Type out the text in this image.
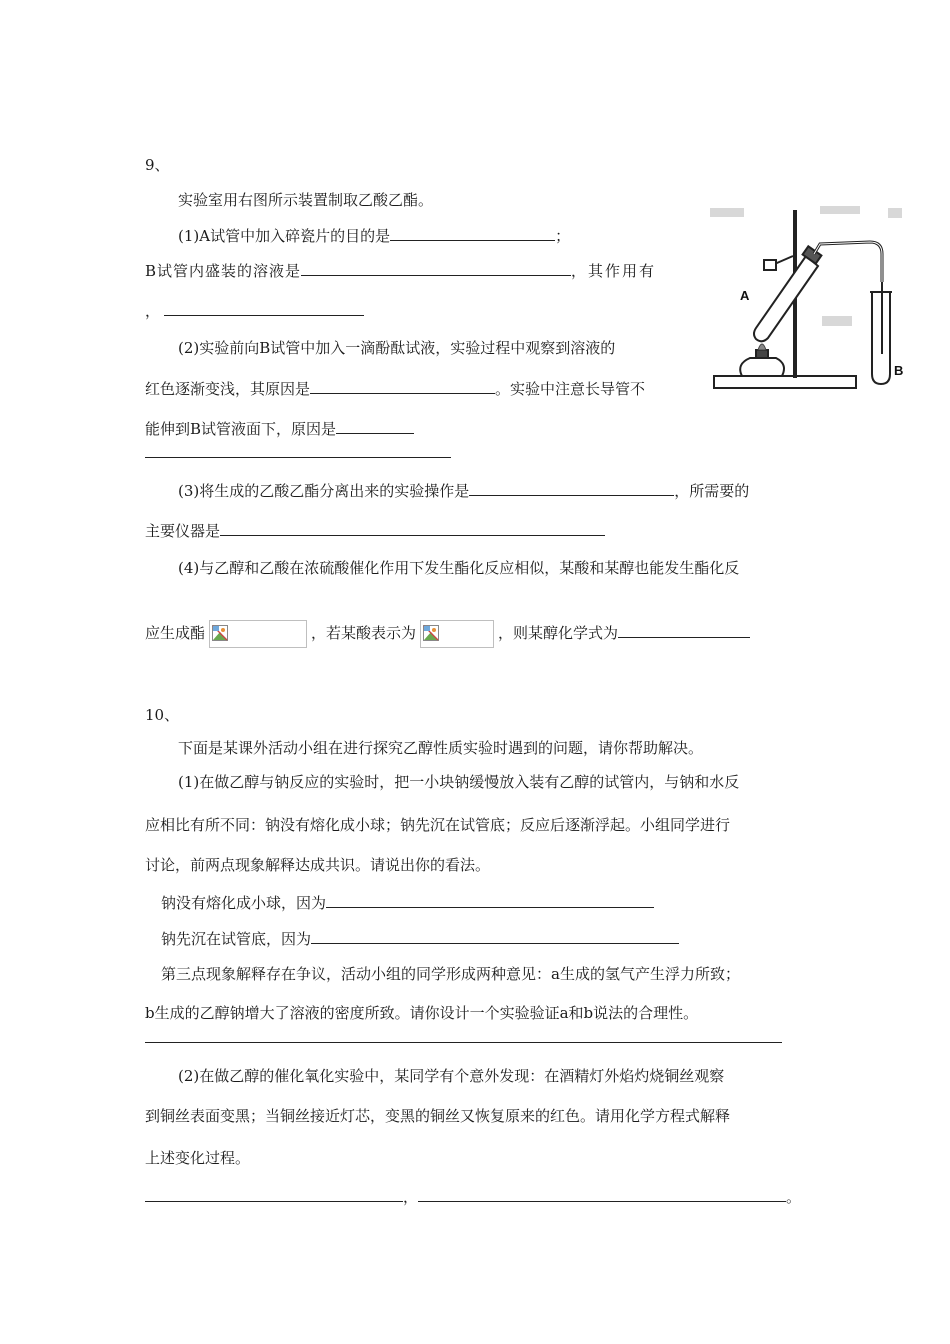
9、
实验室用右图所示装置制取乙酸乙酯。
(1)A试管中加入碎瓷片的目的是	；
B试管内盛装的溶液是	，其作用有
，
(2)实验前向B试管中加入一滴酚酞试液，实验过程中观察到溶液的
红色逐渐变浅，其原因是	。实验中注意长导管不
能伸到B试管液面下，原因是
(3)将生成的乙酸乙酯分离出来的实验操作是	，所需要的
主要仪器是
(4)与乙醇和乙酸在浓硫酸催化作用下发生酯化反应相似，某酸和某醇也能发生酯化反
应生成酯	，若某酸表示为	，则某醇化学式为
A
B
10、
下面是某课外活动小组在进行探究乙醇性质实验时遇到的问题，请你帮助解决。
(1)在做乙醇与钠反应的实验时，把一小块钠缓慢放入装有乙醇的试管内，与钠和水反
应相比有所不同：钠没有熔化成小球；钠先沉在试管底；反应后逐渐浮起。小组同学进行
讨论，前两点现象解释达成共识。请说出你的看法。
钠没有熔化成小球，因为
钠先沉在试管底，因为
第三点现象解释存在争议，活动小组的同学形成两种意见：a生成的氢气产生浮力所致；
b生成的乙醇钠增大了溶液的密度所致。请你设计一个实验验证a和b说法的合理性。
(2)在做乙醇的催化氧化实验中，某同学有个意外发现：在酒精灯外焰灼烧铜丝观察
到铜丝表面变黑；当铜丝接近灯芯，变黑的铜丝又恢复原来的红色。请用化学方程式解释
上述变化过程。
，	。
